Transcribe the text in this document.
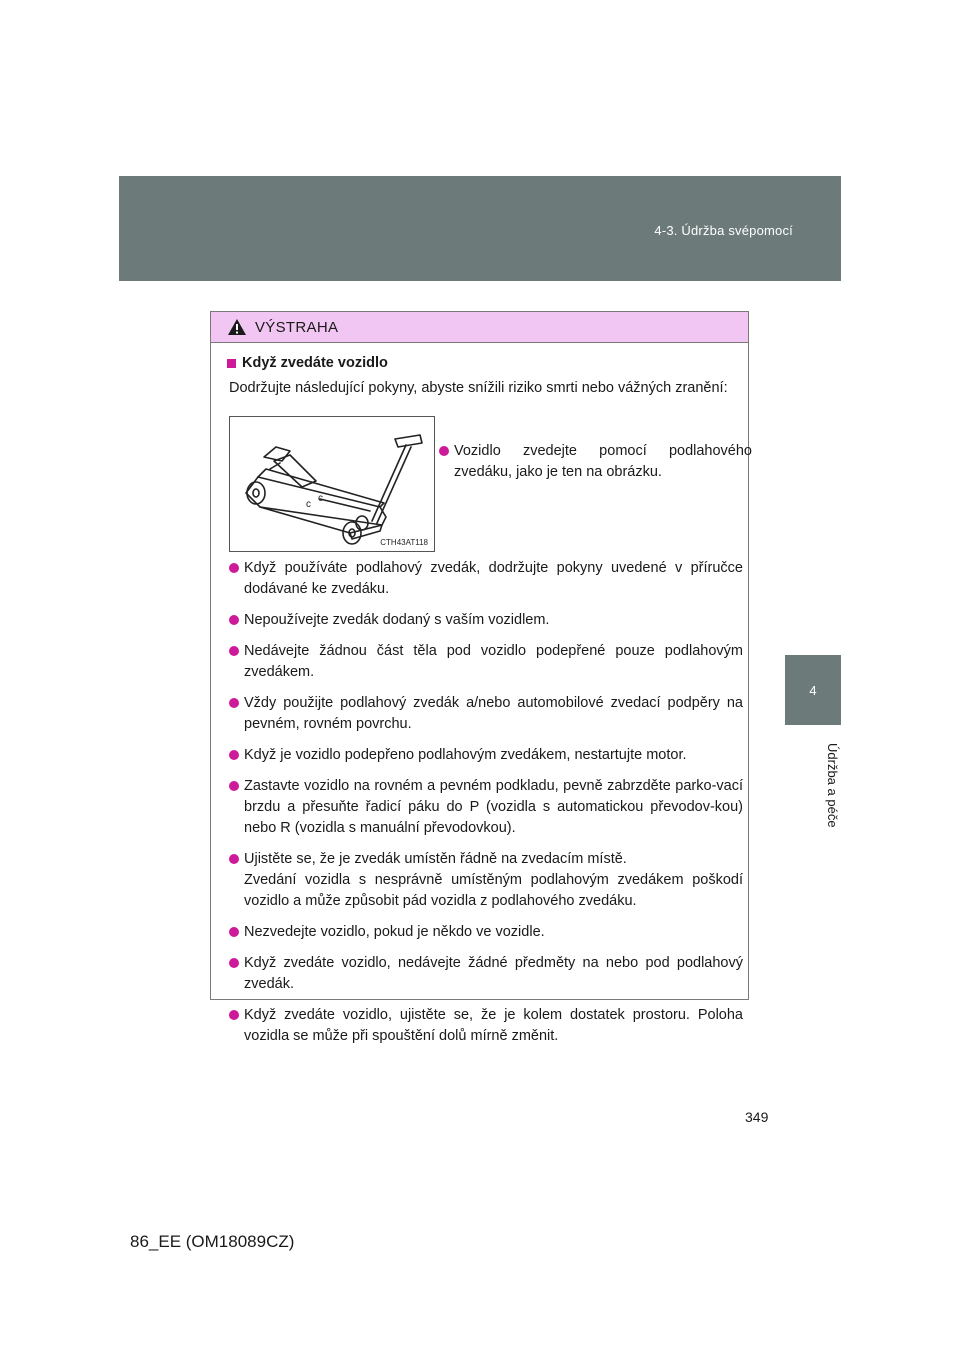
4-3. Údržba svépomocí
4
Údržba a péče
VÝSTRAHA
Když zvedáte vozidlo
Dodržujte následující pokyny, abyste snížili riziko smrti nebo vážných zranění:
c
c
CTH43AT118
Vozidlo zvedejte pomocí podlahového zvedáku, jako je ten na obrázku.
Když používáte podlahový zvedák, dodržujte pokyny uvedené v příručce dodávané ke zvedáku.
Nepoužívejte zvedák dodaný s vaším vozidlem.
Nedávejte žádnou část těla pod vozidlo podepřené pouze podlahovým zvedákem.
Vždy použijte podlahový zvedák a/nebo automobilové zvedací podpěry na pevném, rovném povrchu.
Když je vozidlo podepřeno podlahovým zvedákem, nestartujte motor.
Zastavte vozidlo na rovném a pevném podkladu, pevně zabrzděte parko-vací brzdu a přesuňte řadicí páku do P (vozidla s automatickou převodov-kou) nebo R (vozidla s manuální převodovkou).
Ujistěte se, že je zvedák umístěn řádně na zvedacím místě.
Zvedání vozidla s nesprávně umístěným podlahovým zvedákem poškodí vozidlo a může způsobit pád vozidla z podlahového zvedáku.
Nezvedejte vozidlo, pokud je někdo ve vozidle.
Když zvedáte vozidlo, nedávejte žádné předměty na nebo pod podlahový zvedák.
Když zvedáte vozidlo, ujistěte se, že je kolem dostatek prostoru. Poloha vozidla se může při spouštění dolů mírně změnit.
349
86_EE (OM18089CZ)
